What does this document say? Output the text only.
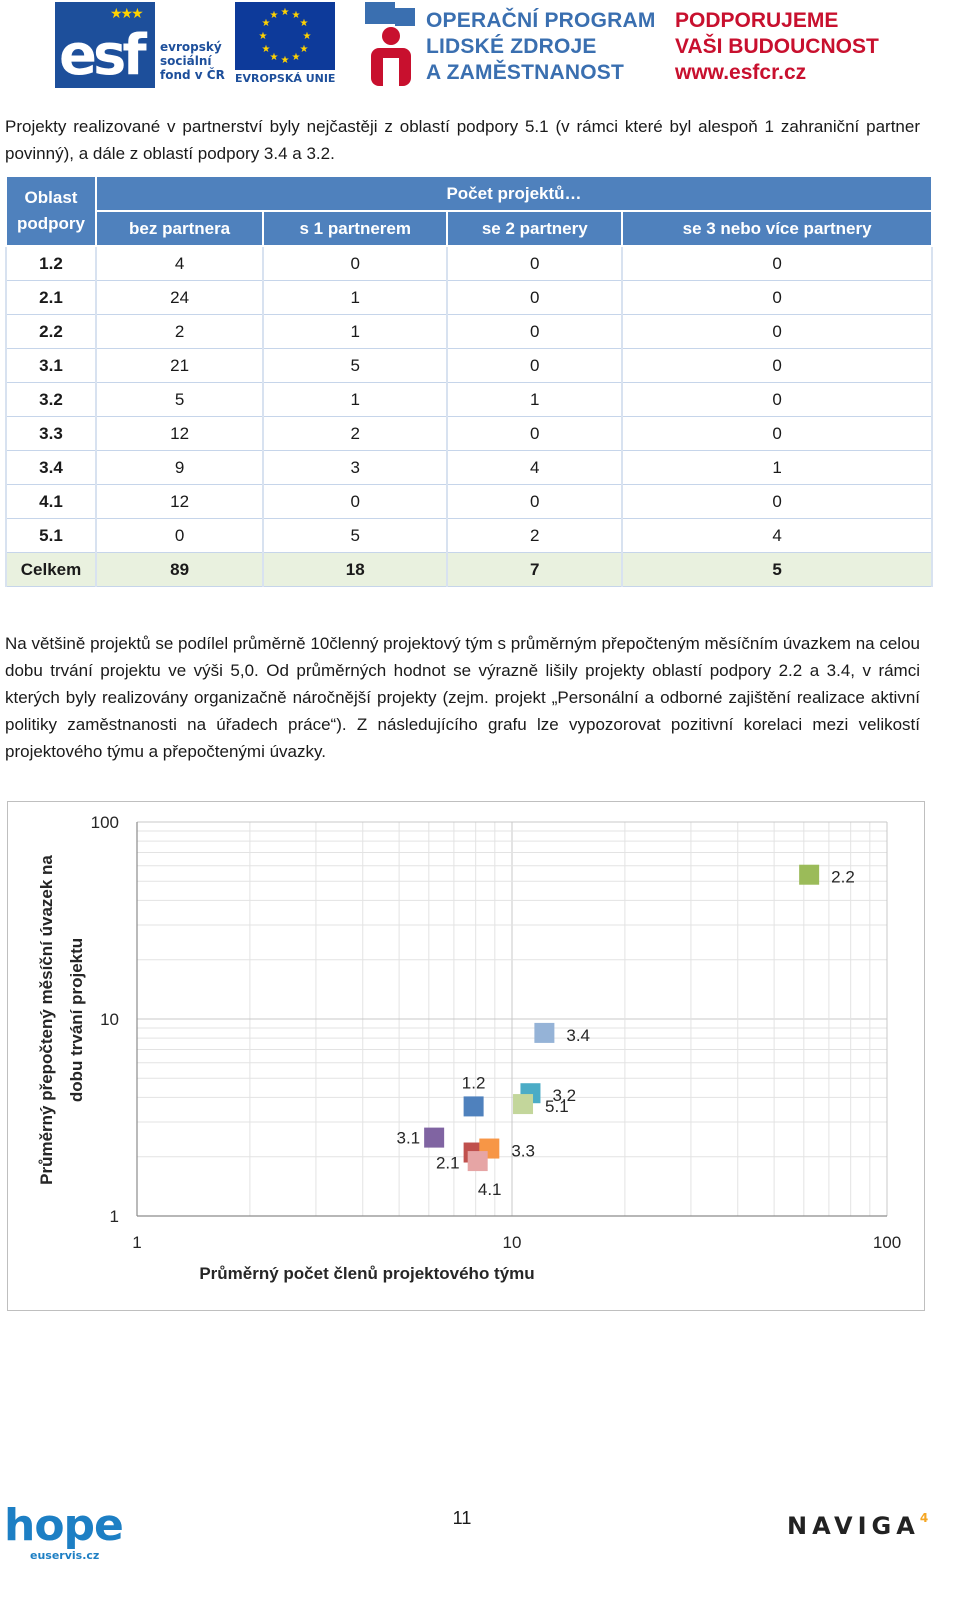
★★★
esf evropský
sociální
fond v ČR
★ ★
★
★
★
★
★
★
★
★
★
★
EVROPSKÁ UNIE
OPERAČNÍ PROGRAM
LIDSKÉ ZDROJE
A ZAMĚSTNANOST
PODPORUJEME
VAŠI BUDOUCNOST
www.esfcr.cz
Projekty realizované v partnerství byly nejčastěji z oblastí podpory 5.1 (v rámci které byl alespoň 1 zahraniční partner povinný), a dále z oblastí podpory 3.4 a 3.2.
Oblast podpory	Počet projektů…			
	bez partnera	s 1 partnerem	se 2 partnery	se 3 nebo více partnery
1.2	4	0	0	0
2.1	24	1	0	0
2.2	2	1	0	0
3.1	21	5	0	0
3.2	5	1	1	0
3.3	12	2	0	0
3.4	9	3	4	1
4.1	12	0	0	0
5.1	0	5	2	4
Celkem	89	18	7	5
Na většině projektů se podílel průměrně 10členný projektový tým s průměrným přepočteným měsíčním úvazkem na celou dobu trvání projektu ve výši 5,0. Od průměrných hodnot se výrazně lišily projekty oblastí podpory 2.2 a 3.4, v rámci kterých byly realizovány organizačně náročnější projekty (zejm. projekt „Personální a odborné zajištění realizace aktivní politiky zaměstnanosti na úřadech práce“). Z následujícího grafu lze vypozorovat pozitivní korelaci mezi velikostí projektového týmu a přepočtenými úvazky.
1	10	100
1
10
100
Průměrný počet členů projektového týmu
Průměrný přepočtený měsíční úvazek na dobu trvání projektu	1.2
2.1
2.2
3.1
3.2
3.3
3.4
4.1
5.1
hope
euservis.cz
11	NAVIGA$^4$
